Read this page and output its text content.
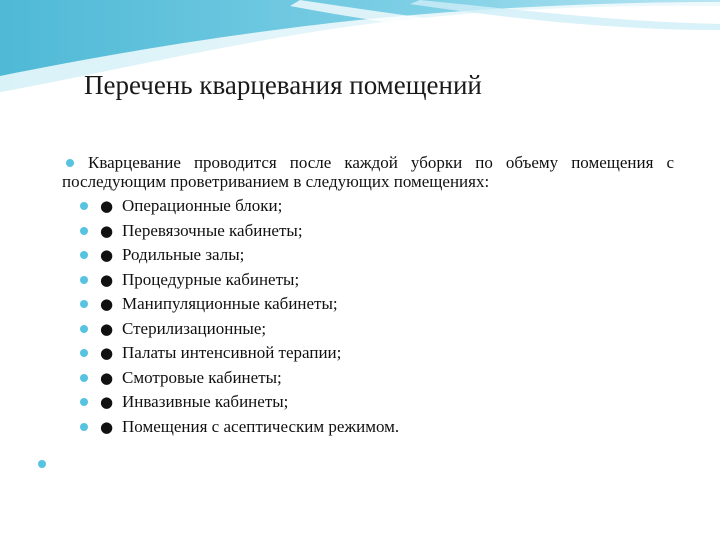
Перечень кварцевания помещений
Кварцевание проводится после каждой уборки по объему помещения с последующим проветриванием в следующих помещениях:
● Операционные блоки;
● Перевязочные кабинеты;
● Родильные залы;
● Процедурные кабинеты;
● Манипуляционные кабинеты;
● Стерилизационные;
● Палаты интенсивной терапии;
● Смотровые кабинеты;
● Инвазивные кабинеты;
● Помещения с асептическим режимом.
